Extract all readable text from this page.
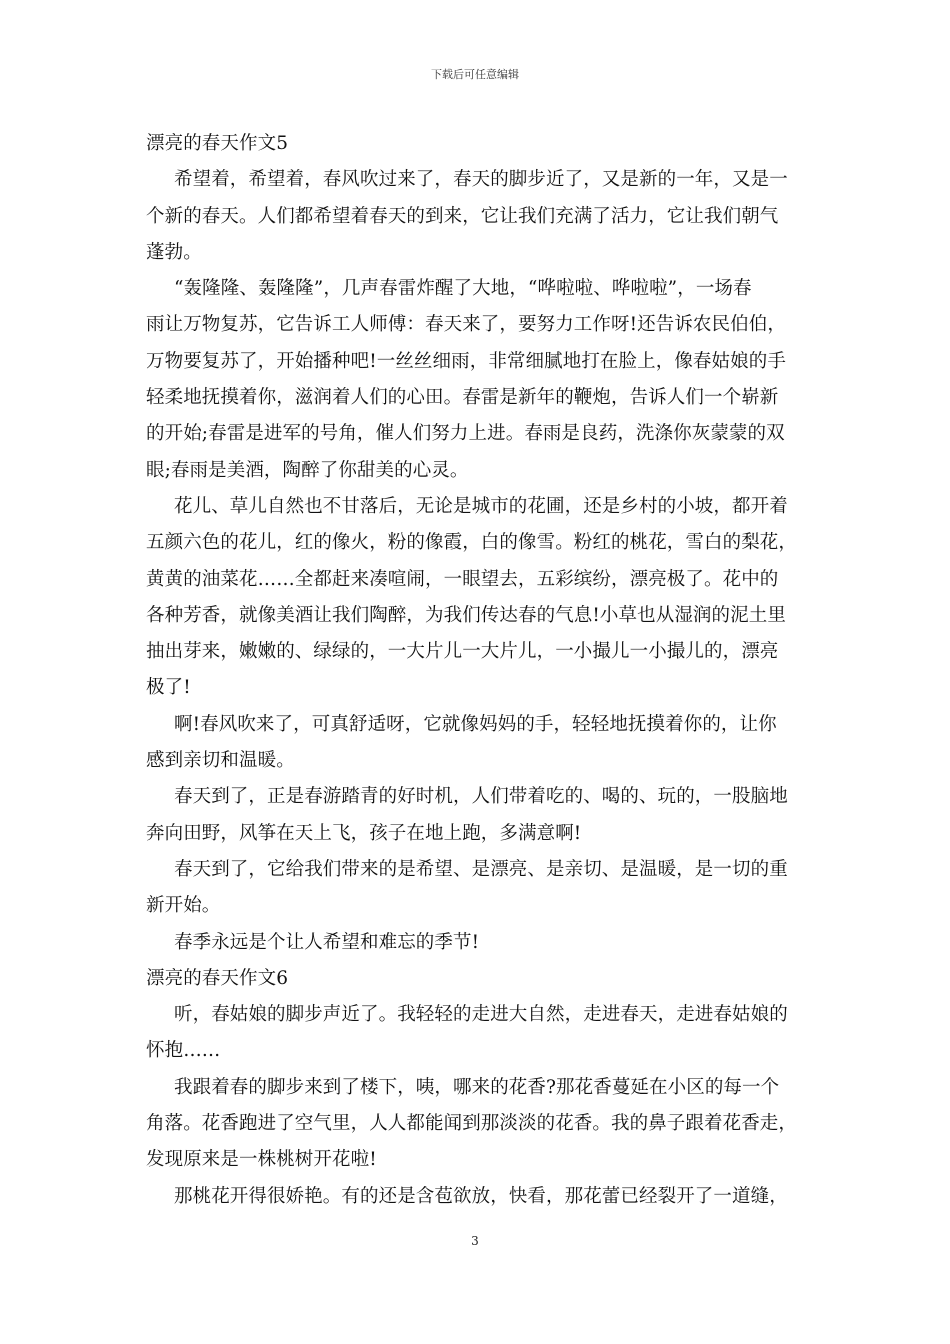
下载后可任意编辑
漂亮的春天作文5
希望着，希望着，春风吹过来了，春天的脚步近了，又是新的一年，又是一
个新的春天。人们都希望着春天的到来，它让我们充满了活力，它让我们朝气
蓬勃。
“轰隆隆、轰隆隆”，几声春雷炸醒了大地，“哗啦啦、哗啦啦”，一场春
雨让万物复苏，它告诉工人师傅：春天来了，要努力工作呀!还告诉农民伯伯，
万物要复苏了，开始播种吧!一丝丝细雨，非常细腻地打在脸上，像春姑娘的手
轻柔地抚摸着你，滋润着人们的心田。春雷是新年的鞭炮，告诉人们一个崭新
的开始;春雷是进军的号角，催人们努力上进。春雨是良药，洗涤你灰蒙蒙的双
眼;春雨是美酒，陶醉了你甜美的心灵。
花儿、草儿自然也不甘落后，无论是城市的花圃，还是乡村的小坡，都开着
五颜六色的花儿，红的像火，粉的像霞，白的像雪。粉红的桃花，雪白的梨花，
黄黄的油菜花……全都赶来凑喧闹，一眼望去，五彩缤纷，漂亮极了。花中的
各种芳香，就像美酒让我们陶醉，为我们传达春的气息!小草也从湿润的泥土里
抽出芽来，嫩嫩的、绿绿的，一大片儿一大片儿，一小撮儿一小撮儿的，漂亮
极了!
啊!春风吹来了，可真舒适呀，它就像妈妈的手，轻轻地抚摸着你的，让你
感到亲切和温暖。
春天到了，正是春游踏青的好时机，人们带着吃的、喝的、玩的，一股脑地
奔向田野，风筝在天上飞，孩子在地上跑，多满意啊!
春天到了，它给我们带来的是希望、是漂亮、是亲切、是温暖，是一切的重
新开始。
春季永远是个让人希望和难忘的季节!
漂亮的春天作文6
听，春姑娘的脚步声近了。我轻轻的走进大自然，走进春天，走进春姑娘的
怀抱……
我跟着春的脚步来到了楼下，咦，哪来的花香?那花香蔓延在小区的每一个
角落。花香跑进了空气里，人人都能闻到那淡淡的花香。我的鼻子跟着花香走，
发现原来是一株桃树开花啦!
那桃花开得很娇艳。有的还是含苞欲放，快看，那花蕾已经裂开了一道缝，
3
